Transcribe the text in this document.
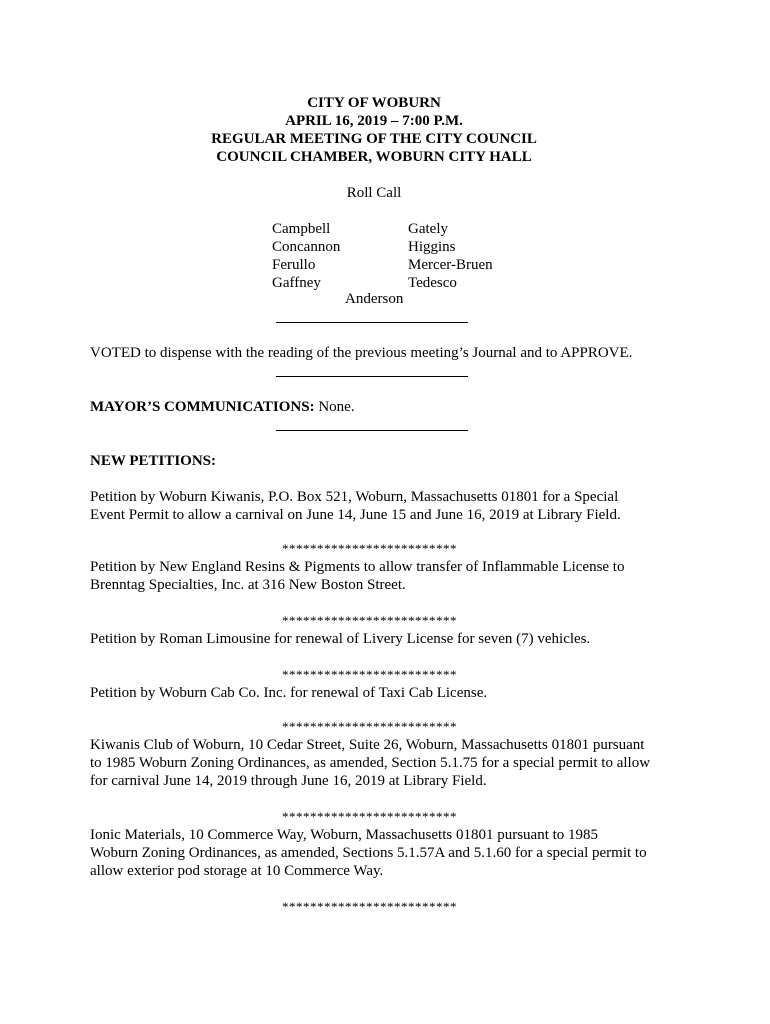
CITY OF WOBURN
APRIL 16, 2019 – 7:00 P.M.
REGULAR MEETING OF THE CITY COUNCIL
COUNCIL CHAMBER, WOBURN CITY HALL
Roll Call
Campbell
Concannon
Ferullo
Gaffney
Gately
Higgins
Mercer-Bruen
Tedesco
Anderson
VOTED to dispense with the reading of the previous meeting’s Journal and to APPROVE.
MAYOR’S COMMUNICATIONS: None.
NEW PETITIONS:
Petition by Woburn Kiwanis, P.O. Box 521, Woburn, Massachusetts 01801 for a Special
Event Permit to allow a carnival on June 14, June 15 and June 16, 2019 at Library Field.
*************************
Petition by New England Resins & Pigments to allow transfer of Inflammable License to
Brenntag Specialties, Inc. at 316 New Boston Street.
*************************
Petition by Roman Limousine for renewal of Livery License for seven (7) vehicles.
*************************
Petition by Woburn Cab Co. Inc. for renewal of Taxi Cab License.
*************************
Kiwanis Club of Woburn, 10 Cedar Street, Suite 26, Woburn, Massachusetts 01801 pursuant
to 1985 Woburn Zoning Ordinances, as amended, Section 5.1.75 for a special permit to allow
for carnival June 14, 2019 through June 16, 2019 at Library Field.
*************************
Ionic Materials, 10 Commerce Way, Woburn, Massachusetts 01801 pursuant to 1985
Woburn Zoning Ordinances, as amended, Sections 5.1.57A and 5.1.60 for a special permit to
allow exterior pod storage at 10 Commerce Way.
*************************
